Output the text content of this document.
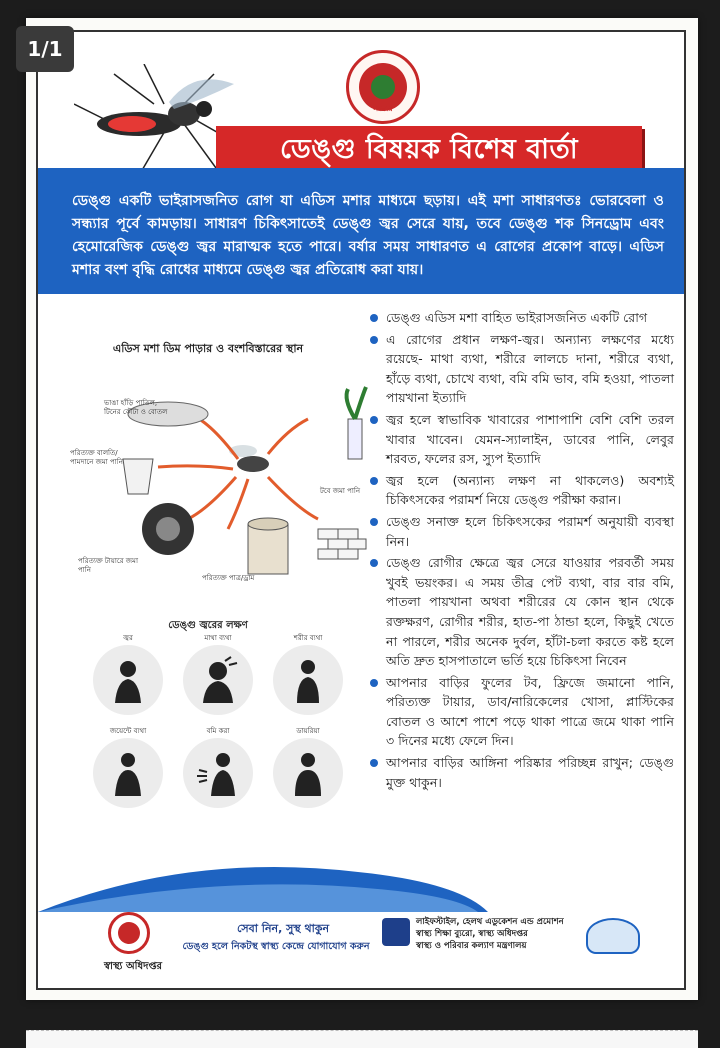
1/1
সরকার
ডেঙ্গু বিষয়ক বিশেষ বার্তা
ডেঙ্গু একটি ভাইরাসজনিত রোগ যা এডিস মশার মাধ্যমে ছড়ায়। এই মশা সাধারণতঃ ভোরবেলা ও সন্ধ্যার পূর্বে কামড়ায়। সাধারণ চিকিৎসাতেই ডেঙ্গু জ্বর সেরে যায়, তবে ডেঙ্গু শক সিনড্রোম এবং হেমোরেজিক ডেঙ্গু জ্বর মারাত্মক হতে পারে। বর্ষার সময় সাধারণত এ রোগের প্রকোপ বাড়ে। এডিস মশার বংশ বৃদ্ধি রোধের মাধ্যমে ডেঙ্গু জ্বর প্রতিরোধ করা যায়।
এডিস মশা ডিম পাড়ার ও বংশবিস্তারের স্থান
ভাঙা হাঁড়ি পাতিল, টিনের কৌটা ও বোতল
পরিত্যক্ত বালতি/ পামদানে জমা পানি
টবে জমা পানি
পরিত্যক্ত টায়ারে জমা পানি
পরিত্যক্ত পাত্র/ড্রাম
ডেঙ্গু জ্বরের লক্ষণ
জ্বর	মাথা ব্যথা	শরীর ব্যথা
জয়েন্টে ব্যথা	বমি করা	ডায়রিয়া
ডেঙ্গু এডিস মশা বাহিত ভাইরাসজনিত একটি রোগ
এ রোগের প্রধান লক্ষণ-জ্বর। অন্যান্য লক্ষণের মধ্যে রয়েছে- মাথা ব্যথা, শরীরে লালচে দানা, শরীরে ব্যথা, হাঁড়ে ব্যথা, চোখে ব্যথা, বমি বমি ভাব, বমি হওয়া, পাতলা পায়খানা ইত্যাদি
জ্বর হলে স্বাভাবিক খাবারের পাশাপাশি বেশি বেশি তরল খাবার খাবেন। যেমন-স্যালাইন, ডাবের পানি, লেবুর শরবত, ফলের রস, স্যুপ ইত্যাদি
জ্বর হলে (অন্যান্য লক্ষণ না থাকলেও) অবশ্যই চিকিৎসকের পরামর্শ নিয়ে ডেঙ্গু পরীক্ষা করান।
ডেঙ্গু সনাক্ত হলে চিকিৎসকের পরামর্শ অনুযায়ী ব্যবস্থা নিন।
ডেঙ্গু রোগীর ক্ষেত্রে জ্বর সেরে যাওয়ার পরবর্তী সময় খুবই ভয়ংকর। এ সময় তীব্র পেট ব্যথা, বার বার বমি, পাতলা পায়খানা অথবা শরীরের যে কোন স্থান থেকে রক্তক্ষরণ, রোগীর শরীর, হাত-পা ঠান্ডা হলে, কিছুই খেতে না পারলে, শরীর অনেক দুর্বল, হাঁটা-চলা করতে কষ্ট হলে অতি দ্রুত হাসপাতালে ভর্তি হয়ে চিকিৎসা নিবেন
আপনার বাড়ির ফুলের টব, ফ্রিজে জমানো পানি, পরিত্যক্ত টায়ার, ডাব/নারিকেলের খোসা, প্লাস্টিকের বোতল ও আশে পাশে পড়ে থাকা পাত্রে জমে থাকা পানি ৩ দিনের মধ্যে ফেলে দিন।
আপনার বাড়ির আঙ্গিনা পরিষ্কার পরিচ্ছন্ন রাখুন; ডেঙ্গু মুক্ত থাকুন।
স্বাস্থ্য অধিদপ্তর
সেবা নিন, সুস্থ থাকুন
ডেঙ্গু হলে নিকটস্থ স্বাস্থ্য কেন্দ্রে যোগাযোগ করুন
লাইফস্টাইল, হেলথ এডুকেশন এন্ড প্রমোশন
স্বাস্থ্য শিক্ষা ব্যুরো, স্বাস্থ্য অধিদপ্তর
স্বাস্থ্য ও পরিবার কল্যাণ মন্ত্রণালয়
